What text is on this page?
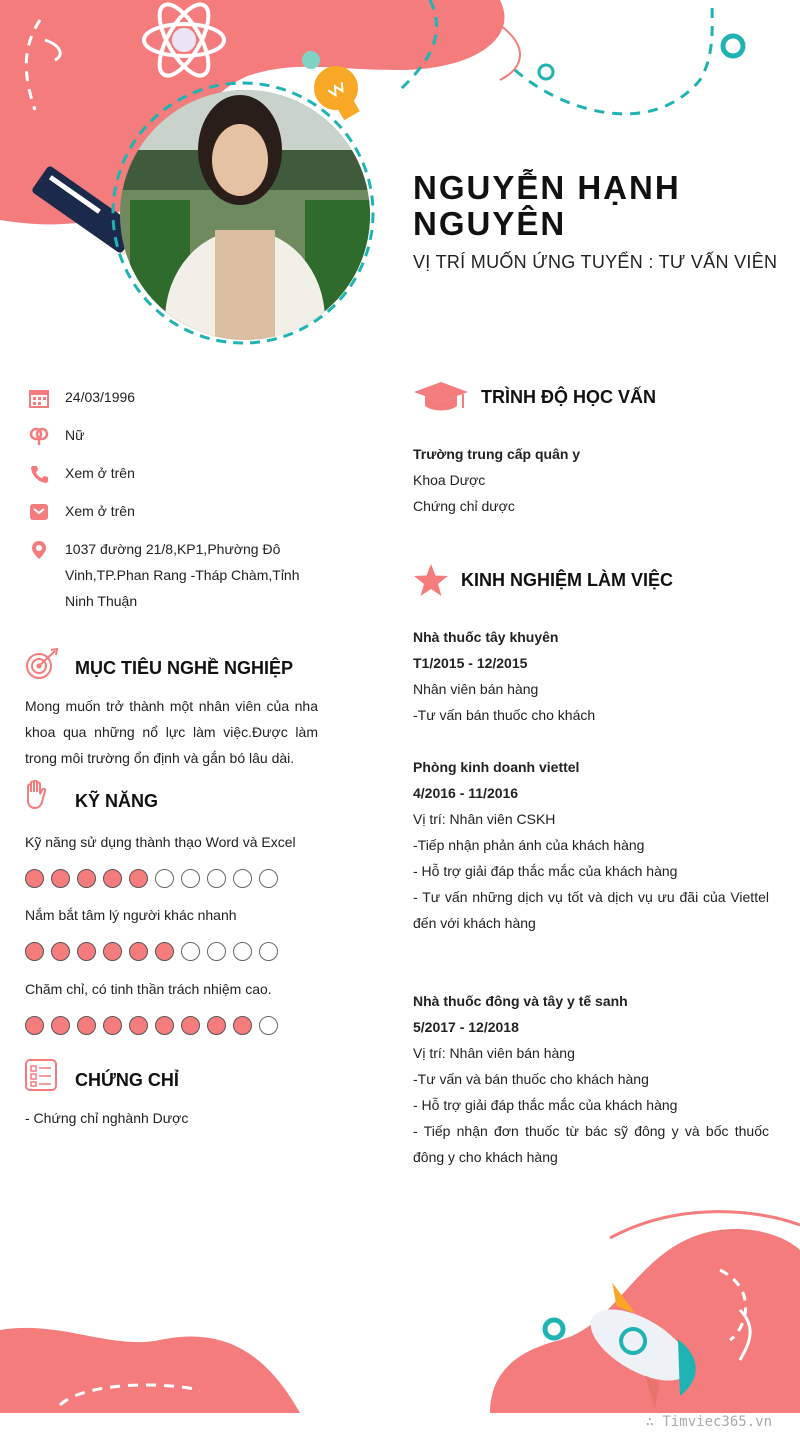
NGUYỄN HẠNH
NGUYÊN
VỊ TRÍ MUỐN ỨNG TUYỂN : TƯ VẤN VIÊN
24/03/1996
Nữ
Xem ở trên
Xem ở trên
1037 đường 21/8,KP1,Phường Đô Vinh,TP.Phan Rang -Tháp Chàm,Tỉnh Ninh Thuận
MỤC TIÊU NGHỀ NGHIỆP
Mong muốn trở thành một nhân viên của nha khoa qua những nổ lực làm việc.Được làm trong môi trường ổn định và gắn bó lâu dài.
KỸ NĂNG
Kỹ năng sử dụng thành thạo Word và Excel
Nắm bắt tâm lý người khác nhanh
Chăm chỉ, có tinh thần trách nhiệm cao.
CHỨNG CHỈ
- Chứng chỉ nghành Dược
TRÌNH ĐỘ HỌC VẤN
Trường trung cấp quân y
Khoa Dược
Chứng chỉ dược
KINH NGHIỆM LÀM VIỆC
Nhà thuốc tây khuyên
T1/2015 - 12/2015
Nhân viên bán hàng
-Tư vấn bán thuốc cho khách
Phòng kinh doanh viettel
4/2016 - 11/2016
Vị trí: Nhân viên CSKH
-Tiếp nhận phản ánh của khách hàng
- Hỗ trợ giải đáp thắc mắc của khách hàng
- Tư vấn những dịch vụ tốt và dịch vụ ưu đãi của Viettel đến với khách hàng
Nhà thuốc đông và tây y tế sanh
5/2017 - 12/2018
Vị trí: Nhân viên bán hàng
-Tư vấn và bán thuốc cho khách hàng
- Hỗ trợ giải đáp thắc mắc của khách hàng
- Tiếp nhận đơn thuốc từ bác sỹ đông y và bốc thuốc đông y cho khách hàng
∴ Timviec365.vn
